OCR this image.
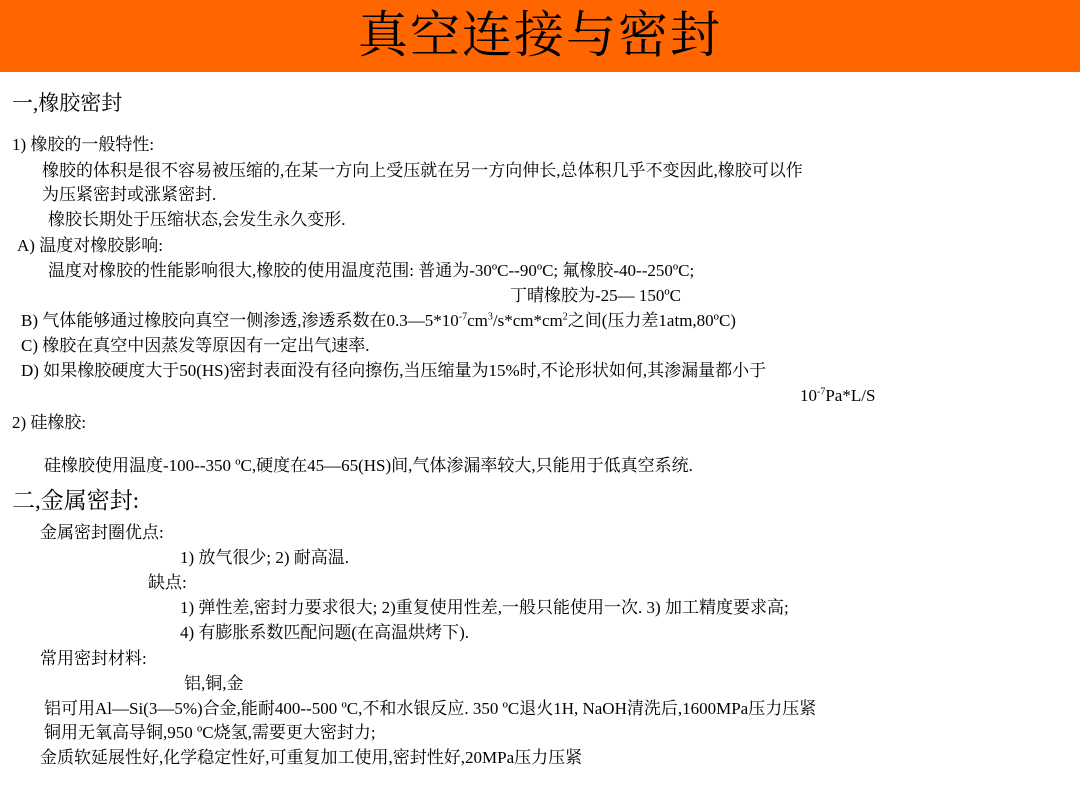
真空连接与密封
一,橡胶密封
1) 橡胶的一般特性:
橡胶的体积是很不容易被压缩的,在某一方向上受压就在另一方向伸长,总体积几乎不变因此,橡胶可以作
为压紧密封或涨紧密封.
橡胶长期处于压缩状态,会发生永久变形.
A) 温度对橡胶影响:
温度对橡胶的性能影响很大,橡胶的使用温度范围: 普通为-30ºC--90ºC; 氟橡胶-40--250ºC;
丁晴橡胶为-25— 150ºC
B) 气体能够通过橡胶向真空一侧渗透,渗透系数在$0.3—5*10^{-7}cm^3/s*cm*cm^2$之间(压力差1atm,80ºC)
C) 橡胶在真空中因蒸发等原因有一定出气速率.
D) 如果橡胶硬度大于50(HS)密封表面没有径向擦伤,当压缩量为15%时,不论形状如何,其渗漏量都小于
$10^{-7}Pa*L/S$
2) 硅橡胶:
硅橡胶使用温度-100--350 ºC,硬度在45—65(HS)间,气体渗漏率较大,只能用于低真空系统.
二,金属密封:
金属密封圈优点:
1) 放气很少; 2) 耐高温.
缺点:
1) 弹性差,密封力要求很大; 2)重复使用性差,一般只能使用一次. 3) 加工精度要求高;
4) 有膨胀系数匹配问题(在高温烘烤下).
常用密封材料:
铝,铜,金
铝可用Al—Si(3—5%)合金,能耐400--500 ºC,不和水银反应. 350 ºC退火1H, NaOH清洗后,1600MPa压力压紧
铜用无氧高导铜,950 ºC烧氢,需要更大密封力;
金质软延展性好,化学稳定性好,可重复加工使用,密封性好,20MPa压力压紧
